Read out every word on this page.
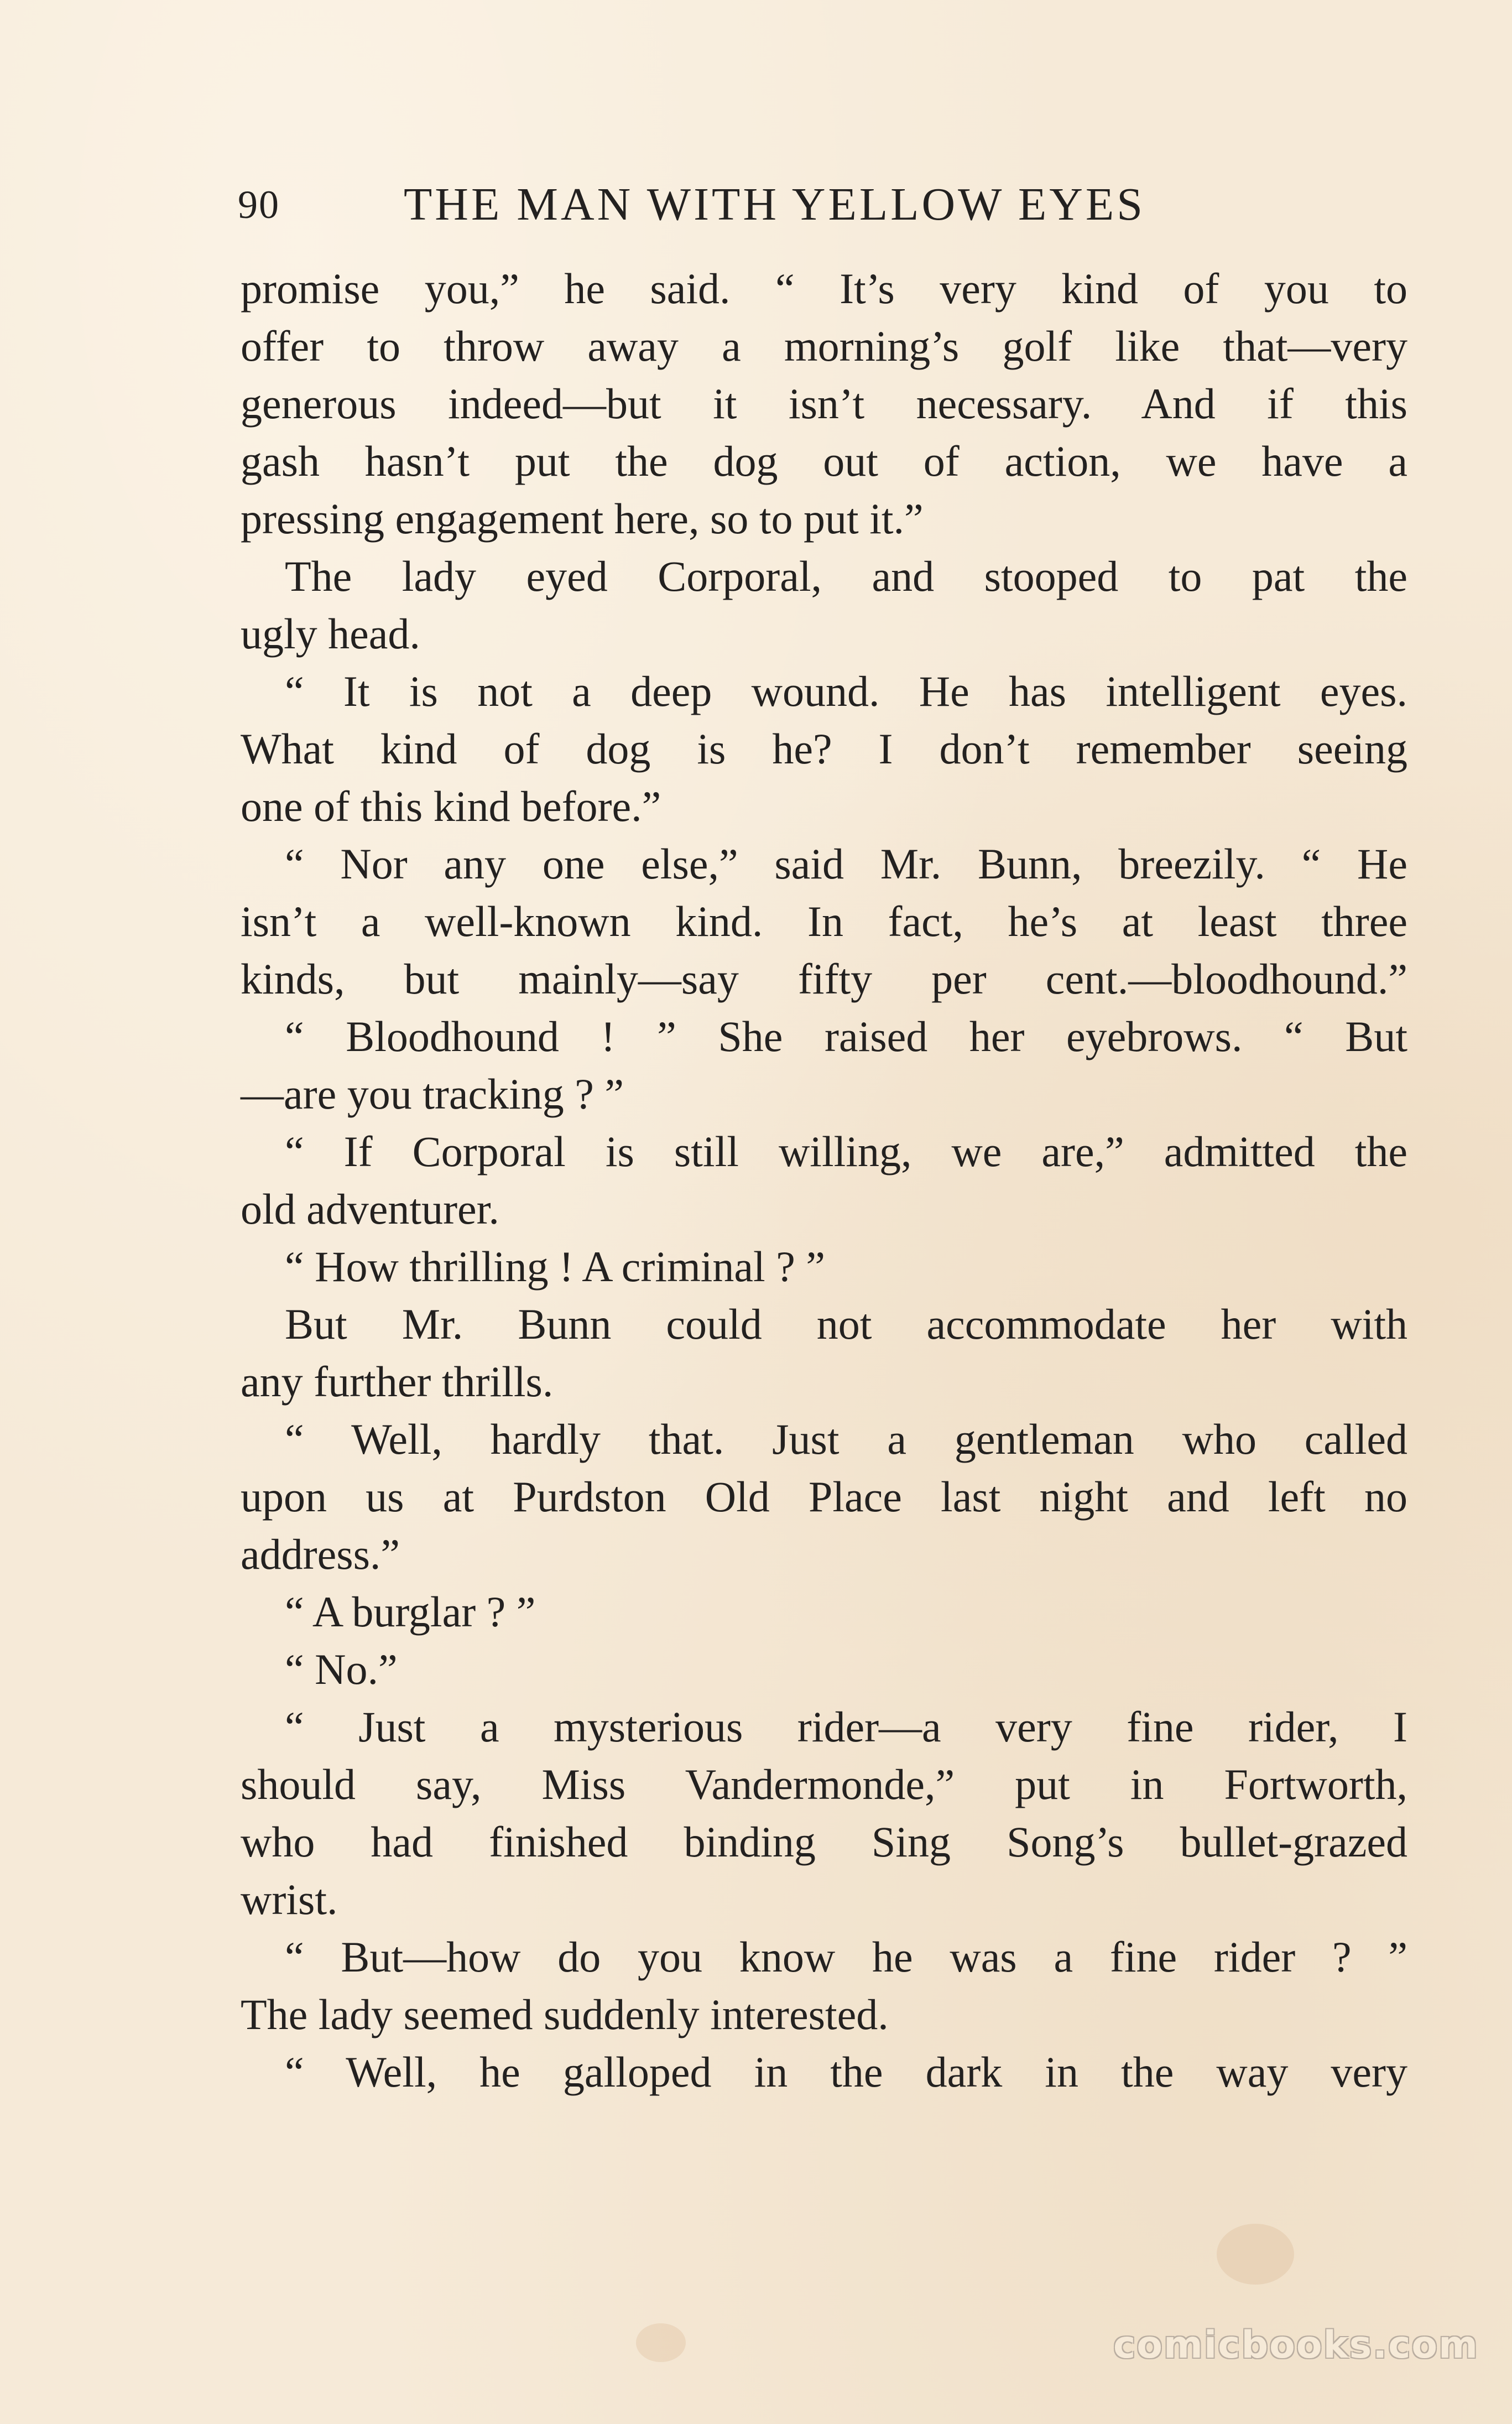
90	THE MAN WITH YELLOW EYES
promise you,” he said. “ It’s very kind of you to
offer to throw away a morning’s golf like that—very
generous indeed—but it isn’t necessary. And if this
gash hasn’t put the dog out of action, we have a
pressing engagement here, so to put it.”
The lady eyed Corporal, and stooped to pat the
ugly head.
“ It is not a deep wound. He has intelligent eyes.
What kind of dog is he? I don’t remember seeing
one of this kind before.”
“ Nor any one else,” said Mr. Bunn, breezily. “ He
isn’t a well-known kind. In fact, he’s at least three
kinds, but mainly—say fifty per cent.—bloodhound.”
“ Bloodhound ! ” She raised her eyebrows. “ But
—are you tracking ? ”
“ If Corporal is still willing, we are,” admitted the
old adventurer.
“ How thrilling ! A criminal ? ”
But Mr. Bunn could not accommodate her with
any further thrills.
“ Well, hardly that. Just a gentleman who called
upon us at Purdston Old Place last night and left no
address.”
“ A burglar ? ”
“ No.”
“ Just a mysterious rider—a very fine rider, I
should say, Miss Vandermonde,” put in Fortworth,
who had finished binding Sing Song’s bullet-grazed
wrist.
“ But—how do you know he was a fine rider ? ”
The lady seemed suddenly interested.
“ Well, he galloped in the dark in the way very
comicbooks.com
